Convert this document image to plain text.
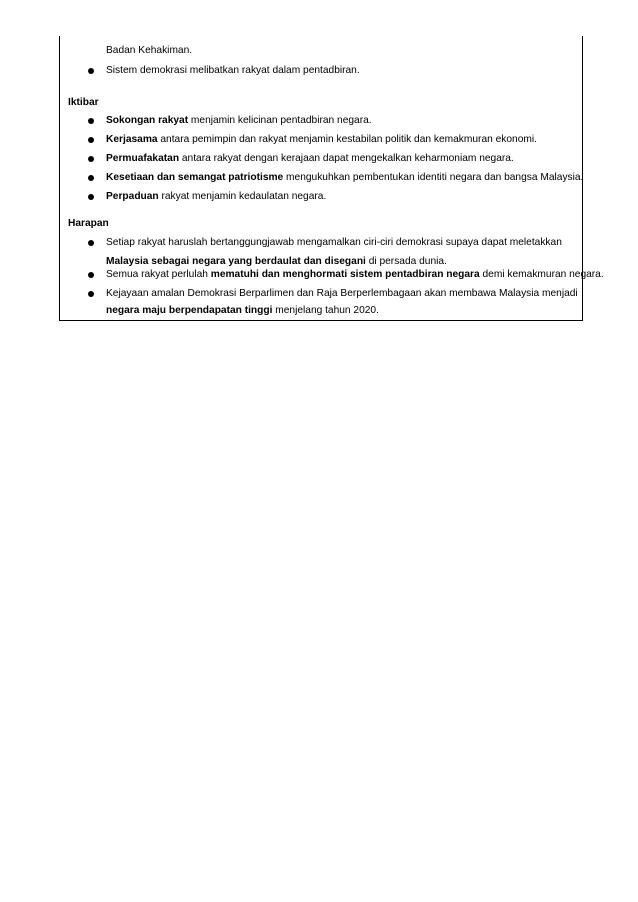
Badan Kehakiman.
Sistem demokrasi melibatkan rakyat dalam pentadbiran.
Iktibar
Sokongan rakyat menjamin kelicinan pentadbiran negara.
Kerjasama antara pemimpin dan rakyat menjamin kestabilan politik dan kemakmuran ekonomi.
Permuafakatan antara rakyat dengan kerajaan dapat mengekalkan keharmoniam negara.
Kesetiaan dan semangat patriotisme mengukuhkan pembentukan identiti negara dan bangsa Malaysia.
Perpaduan rakyat menjamin kedaulatan negara.
Harapan
Setiap rakyat haruslah bertanggungjawab mengamalkan ciri-ciri demokrasi supaya dapat meletakkan
Malaysia sebagai negara yang berdaulat dan disegani di persada dunia.
Semua rakyat perlulah mematuhi dan menghormati sistem pentadbiran negara demi kemakmuran negara.
Kejayaan amalan Demokrasi Berparlimen dan Raja Berperlembagaan akan membawa Malaysia menjadi
negara maju berpendapatan tinggi menjelang tahun 2020.
